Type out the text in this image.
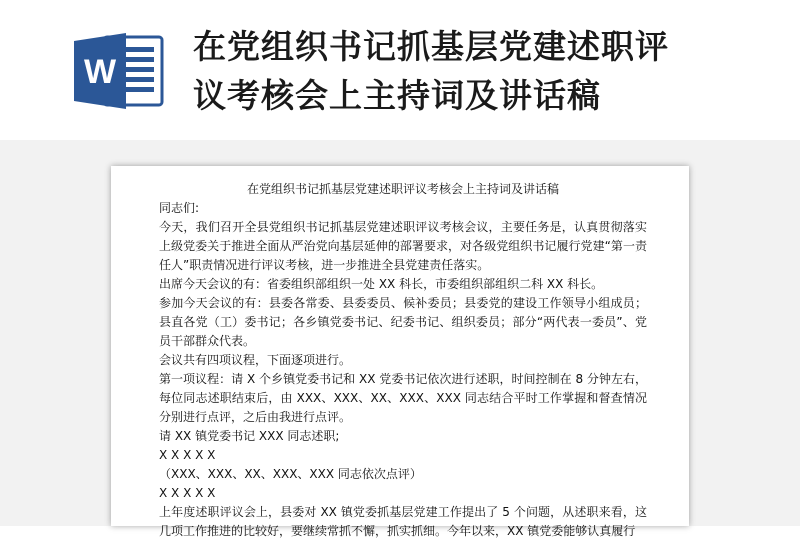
W
在党组织书记抓基层党建述职评
议考核会上主持词及讲话稿
在党组织书记抓基层党建述职评议考核会上主持词及讲话稿

同志们:

今天，我们召开全县党组织书记抓基层党建述职评议考核会议，主要任务是，认真贯彻落实上级党委关于推进全面从严治党向基层延伸的部署要求，对各级党组织书记履行党建“第一责任人”职责情况进行评议考核，进一步推进全县党建责任落实。

出席今天会议的有：省委组织部组织一处 XX 科长，市委组织部组织二科 XX 科长。

参加今天会议的有：县委各常委、县委委员、候补委员；县委党的建设工作领导小组成员；县直各党（工）委书记；各乡镇党委书记、纪委书记、组织委员；部分“两代表一委员”、党员干部群众代表。

会议共有四项议程，下面逐项进行。

第一项议程：请 X 个乡镇党委书记和 XX 党委书记依次进行述职，时间控制在 8 分钟左右，每位同志述职结束后，由 XXX、XXX、XX、XXX、XXX 同志结合平时工作掌握和督查情况分别进行点评，之后由我进行点评。

请 XX 镇党委书记 XXX 同志述职;

X X X X X

（XXX、XXX、XX、XXX、XXX 同志依次点评）

X X X X X

上年度述职评议会上，县委对 XX 镇党委抓基层党建工作提出了 5 个问题，从述职来看，这几项工作推进的比较好，要继续常抓不懈，抓实抓细。今年以来，XX 镇党委能够认真履行
